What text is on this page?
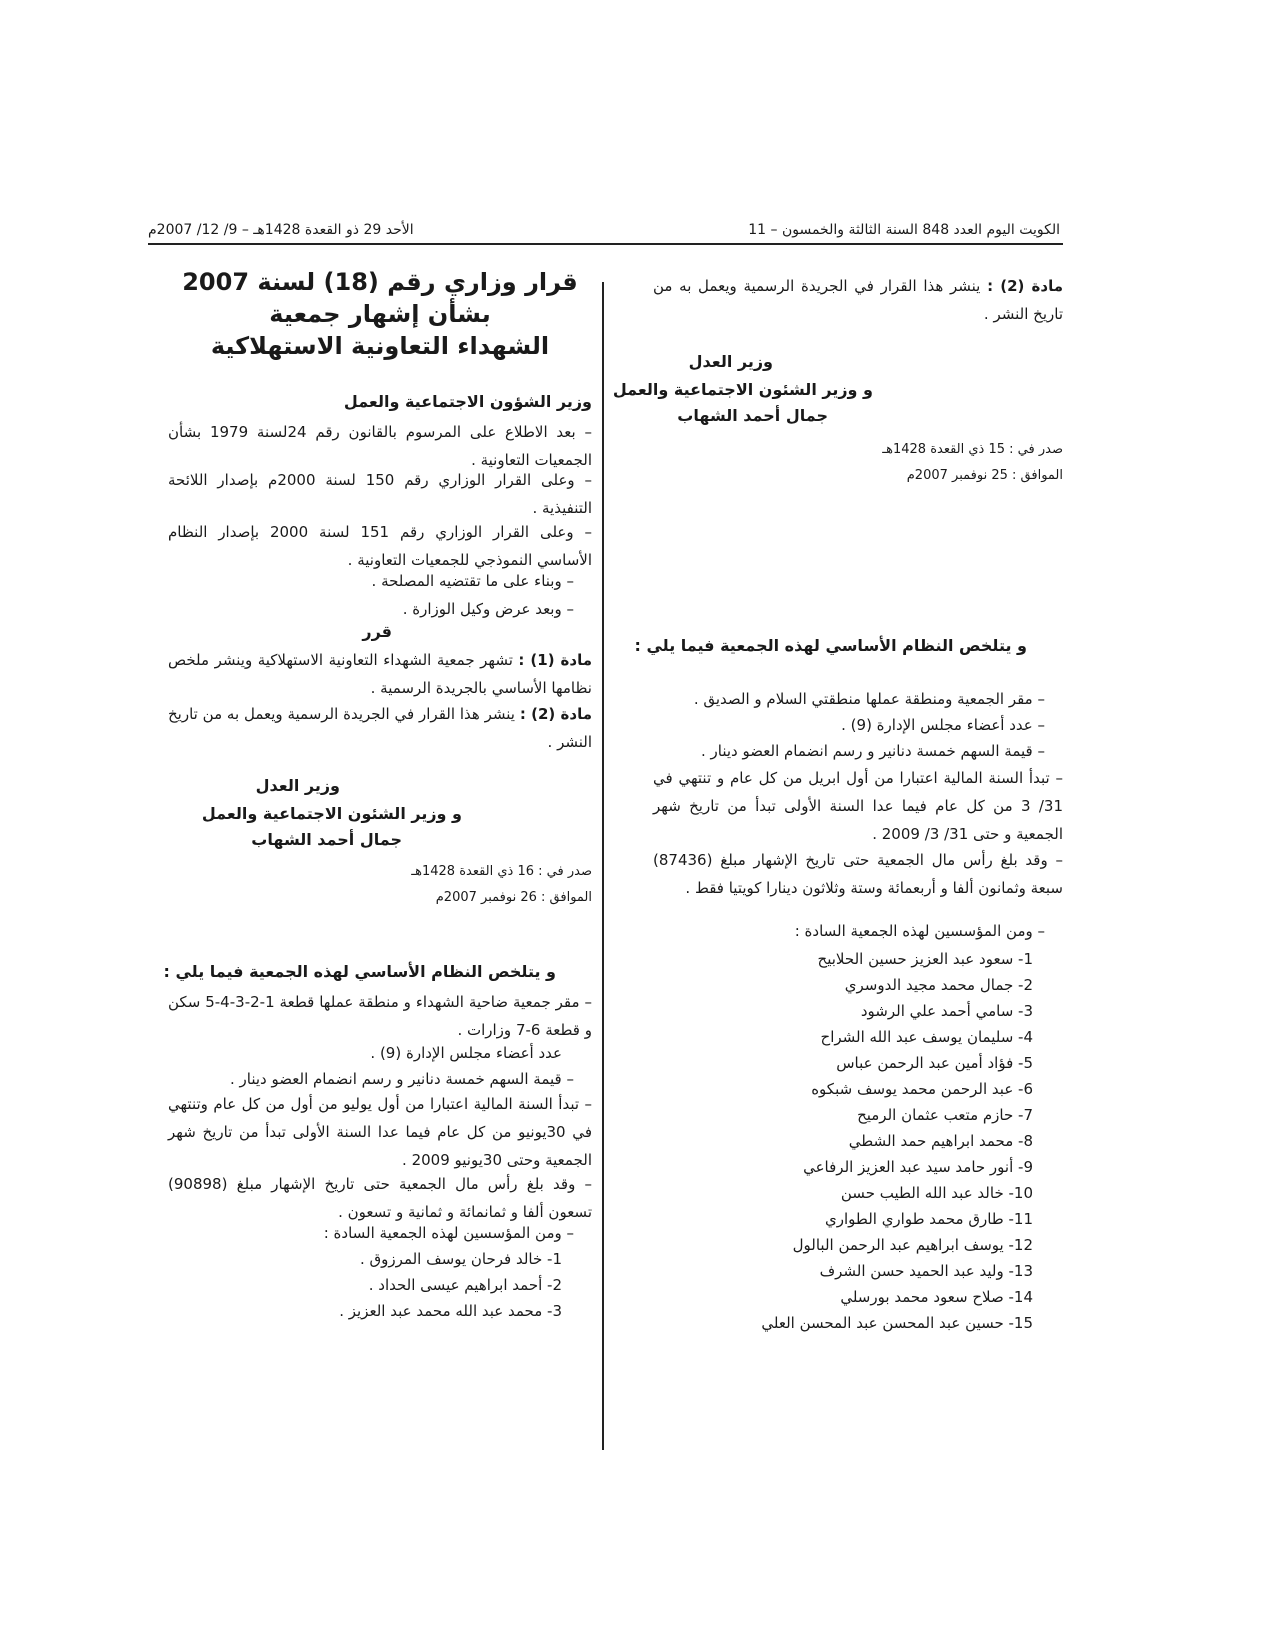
الكويت اليوم العدد 848 السنة الثالثة والخمسون – 11
الأحد 29 ذو القعدة 1428هـ – 9/ 12/ 2007م
مادة (2) : ينشر هذا القرار في الجريدة الرسمية ويعمل به من تاريخ النشر .
وزير العدل
و وزير الشئون الاجتماعية والعمل
جمال أحمد الشهاب
صدر في : 15 ذي القعدة 1428هـ
الموافق : 25 نوفمبر 2007م
و يتلخص النظام الأساسي لهذه الجمعية فيما يلي :
– مقر الجمعية ومنطقة عملها منطقتي السلام و الصديق .
– عدد أعضاء مجلس الإدارة (9) .
– قيمة السهم خمسة دنانير و رسم انضمام العضو دينار .
– تبدأ السنة المالية اعتبارا من أول ابريل من كل عام و تنتهي في 31/ 3 من كل عام فيما عدا السنة الأولى تبدأ من تاريخ شهر الجمعية و حتى 31/ 3/ 2009 .
– وقد بلغ رأس مال الجمعية حتى تاريخ الإشهار مبلغ (87436) سبعة وثمانون ألفا و أربعمائة وستة وثلاثون دينارا كويتيا فقط .
– ومن المؤسسين لهذه الجمعية السادة :
1- سعود عبد العزيز حسين الحلابيح
2- جمال محمد مجيد الدوسري
3- سامي أحمد علي الرشود
4- سليمان يوسف عبد الله الشراح
5- فؤاد أمين عبد الرحمن عباس
6- عبد الرحمن محمد يوسف شبكوه
7- حازم متعب عثمان الرميح
8- محمد ابراهيم حمد الشطي
9- أنور حامد سيد عبد العزيز الرفاعي
10- خالد عبد الله الطيب حسن
11- طارق محمد طواري الطواري
12- يوسف ابراهيم عبد الرحمن البالول
13- وليد عبد الحميد حسن الشرف
14- صلاح سعود محمد بورسلي
15- حسين عبد المحسن عبد المحسن العلي
قرار وزاري رقم (18) لسنة 2007
بشأن إشهار جمعية
الشهداء التعاونية الاستهلاكية
وزير الشؤون الاجتماعية والعمل
– بعد الاطلاع على المرسوم بالقانون رقم 24لسنة 1979 بشأن الجمعيات التعاونية .
– وعلى القرار الوزاري رقم 150 لسنة 2000م بإصدار اللائحة التنفيذية .
– وعلى القرار الوزاري رقم 151 لسنة 2000 بإصدار النظام الأساسي النموذجي للجمعيات التعاونية .
– وبناء على ما تقتضيه المصلحة .
– وبعد عرض وكيل الوزارة .
قرر
مادة (1) : تشهر جمعية الشهداء التعاونية الاستهلاكية وينشر ملخص نظامها الأساسي بالجريدة الرسمية .
مادة (2) : ينشر هذا القرار في الجريدة الرسمية ويعمل به من تاريخ النشر .
وزير العدل
و وزير الشئون الاجتماعية والعمل
جمال أحمد الشهاب
صدر في : 16 ذي القعدة 1428هـ
الموافق : 26 نوفمبر 2007م
و يتلخص النظام الأساسي لهذه الجمعية فيما يلي :
– مقر جمعية ضاحية الشهداء و منطقة عملها قطعة 1-2-3-4-5 سكن و قطعة 6-7 وزارات .
عدد أعضاء مجلس الإدارة (9) .
– قيمة السهم خمسة دنانير و رسم انضمام العضو دينار .
– تبدأ السنة المالية اعتبارا من أول يوليو من أول من كل عام وتنتهي في 30يونيو من كل عام فيما عدا السنة الأولى تبدأ من تاريخ شهر الجمعية وحتى 30يونيو 2009 .
– وقد بلغ رأس مال الجمعية حتى تاريخ الإشهار مبلغ (90898) تسعون ألفا و ثمانمائة و ثمانية و تسعون .
– ومن المؤسسين لهذه الجمعية السادة :
1- خالد فرحان يوسف المرزوق .
2- أحمد ابراهيم عيسى الحداد .
3- محمد عبد الله محمد عبد العزيز .
